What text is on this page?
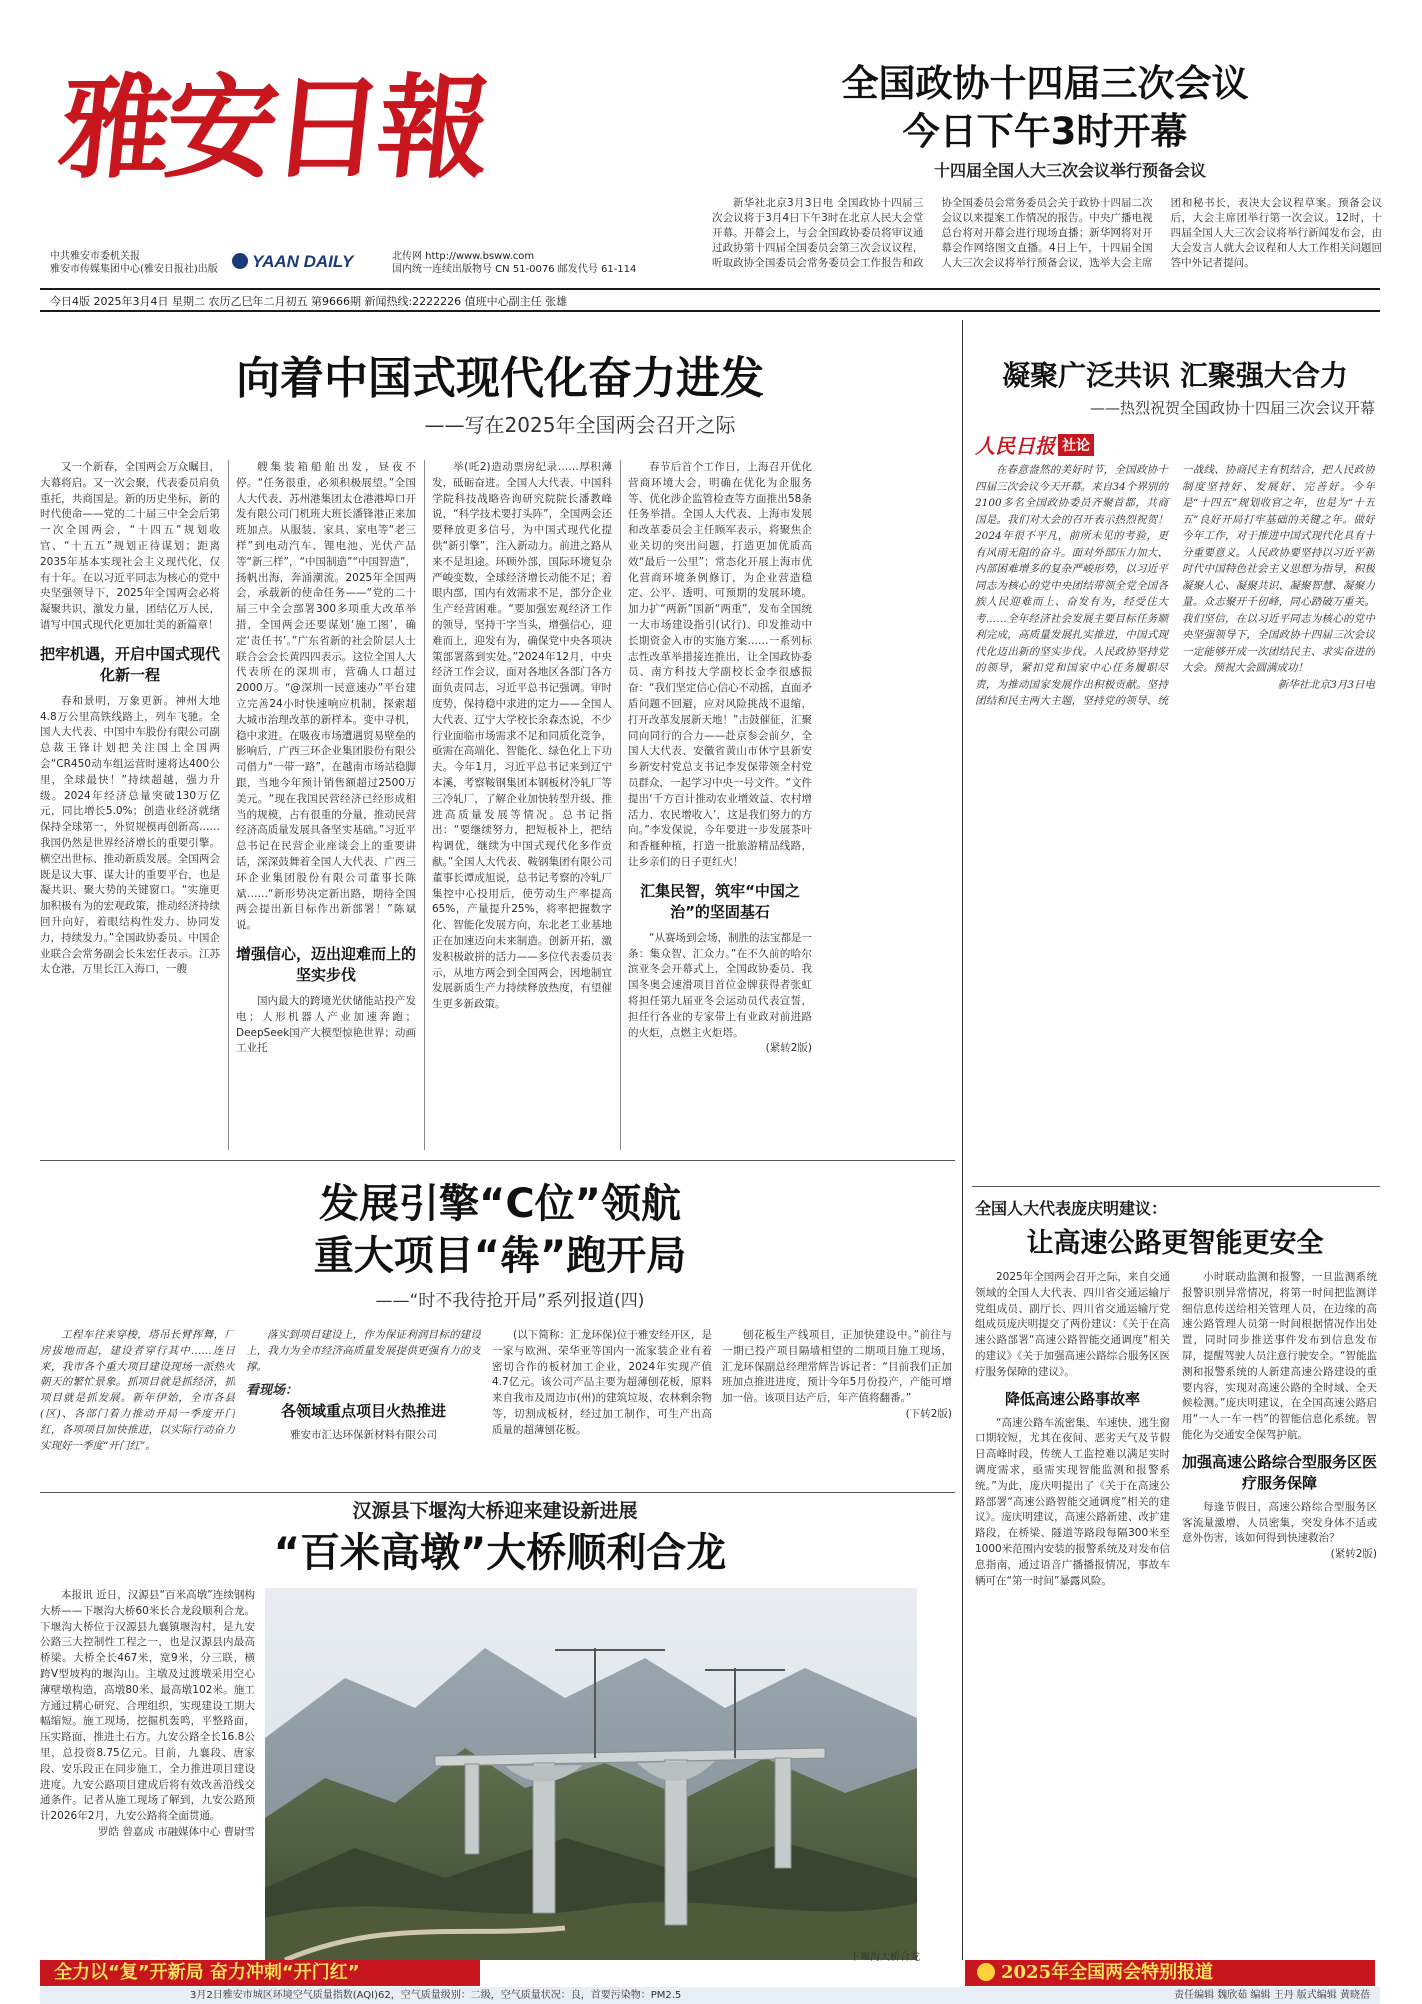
雅安日報
YAAN DAILY
中共雅安市委机关报
雅安市传媒集团中心(雅安日报社)出版
北传网 http://www.bsww.com
国内统一连续出版物号 CN 51-0076 邮发代号 61-114
今日4版 2025年3月4日 星期二 农历乙巳年二月初五 第9666期 新闻热线:2222226 值班中心副主任 张雄
全国政协十四届三次会议
今日下午3时开幕
十四届全国人大三次会议举行预备会议

新华社北京3月3日电 全国政协十四届三次会议将于3月4日下午3时在北京人民大会堂开幕。开幕会上，与会全国政协委员将审议通过政协第十四届全国委员会第三次会议议程，听取政协全国委员会常务委员会工作报告和政协全国委员会常务委员会关于政协十四届二次会议以来提案工作情况的报告。中央广播电视总台将对开幕会进行现场直播；新华网将对开幕会作网络图文直播。4日上午，十四届全国人大三次会议将举行预备会议，选举大会主席团和秘书长，表决大会议程草案。预备会议后，大会主席团举行第一次会议。12时，十四届全国人大三次会议将举行新闻发布会，由大会发言人就大会议程和人大工作相关问题回答中外记者提问。

向着中国式现代化奋力进发
——写在2025年全国两会召开之际

又一个新春，全国两会万众瞩目，大幕将启。又一次会聚，代表委员肩负重托，共商国是。新的历史坐标，新的时代使命——党的二十届三中全会后第一次全国两会，“十四五”规划收官、“十五五”规划正待谋划；距离2035年基本实现社会主义现代化，仅有十年。在以习近平同志为核心的党中央坚强领导下，2025年全国两会必将凝聚共识、激发力量，团结亿万人民，谱写中国式现代化更加壮美的新篇章！

把牢机遇，开启中国式现代化新一程

春和景明，万象更新。神州大地4.8万公里高铁线路上，列车飞驰。全国人大代表、中国中车股份有限公司副总裁王锋计划把关注国上全国两会“CR450动车组运营时速将达400公里，全球最快！”持续超越，强力升级。2024年经济总量突破130万亿元，同比增长5.0%；创造业经济就绪保持全球第一，外贸规模再创新高……我国仍然是世界经济增长的重要引擎。横空出世标、推动新质发展。全国两会既是议大事、谋大计的重要平台，也是凝共识、聚大势的关键窗口。“实施更加积极有为的宏观政策，推动经济持续回升向好，着眼结构性发力、协同发力，持续发力。”全国政协委员、中国企业联合会常务副会长朱宏任表示。江苏太仓港，万里长江入海口，一艘

艘集装箱船舶出发，昼夜不停。“任务很重，必须积极展望。”全国人大代表、苏州港集团太仓港港埠口开发有限公司门机班大班长潘锋港正来加班加点。从服装、家具、家电等“老三样”到电动汽车、锂电池、光伏产品等“新三样”，“中国制造”“中国智造”，扬帆出海，奔涌潮流。2025年全国两会，承载新的使命任务——“党的二十届三中全会部署300多项重大改革举措，全国两会还要谋划‘施工图’，确定‘责任书’。”广东省新的社会阶层人士联合会会长黄四四表示。这位全国人大代表所在的深圳市，营确人口超过2000万。“@深圳一民意速办”平台建立完善24小时快速响应机制，探索超大城市治理改革的新样本。变中寻机，稳中求进。在吸夜市场遭遇贸易壁垒的影响后，广西三环企业集团股份有限公司借力“一带一路”，在越南市场站稳脚跟，当地今年预计销售额超过2500万美元。“现在我国民营经济已经形成相当的规模，占有很重的分量，推动民营经济高质量发展具备坚实基础。”习近平总书记在民营企业座谈会上的重要讲话，深深鼓舞着全国人大代表、广西三环企业集团股份有限公司董事长陈斌……“新形势决定新出路，期待全国两会提出新目标作出新部署！”陈斌说。

增强信心，迈出迎难而上的坚实步伐

国内最大的跨境光伏储能站投产发电；人形机器人产业加速奔跑；DeepSeek国产大模型惊艳世界；动画工业托

举(吒2)造动票房纪录……厚积薄发，砥砺奋进。全国人大代表、中国科学院科技战略咨询研究院院长潘教峰说，“科学技术要打头阵”，全国两会还要释放更多信号，为中国式现代化提供“新引擎”，注入新动力。前进之路从来不是坦途。环顾外部，国际环境复杂严峻变数，全球经济增长动能不足；着眼内部，国内有效需求不足，部分企业生产经营困难。“要加强宏观经济工作的领导，坚持干字当头，增强信心，迎难而上，迎发有为，确保党中央各项决策部署落到实处。”2024年12月，中央经济工作会议，面对各地区各部门各方面负责同志，习近平总书记强调。审时度势，保持稳中求进的定力——全国人大代表、辽宁大学校长余森杰说，不少行业面临市场需求不足和同质化竞争，亟需在高端化、智能化、绿色化上下功夫。今年1月，习近平总书记来到辽宁本溪，考察鞍钢集团本钢板材冷轧厂等三冷轧厂，了解企业加快转型升级、推进高质量发展等情况。总书记指出：“要继续努力，把短板补上，把结构调优，继续为中国式现代化多作贡献。”全国人大代表、鞍钢集团有限公司董事长谭成旭说，总书记考察的冷轧厂集控中心投用后，使劳动生产率提高65%，产量提升25%，将率把握数字化、智能化发展方向，东北老工业基地正在加速迈向未来制造。创新开拓，激发积极敢拼的活力——多位代表委员表示，从地方两会到全国两会，因地制宜发展新质生产力持续释放热度，有望催生更多新政策。

春节后首个工作日，上海召开优化营商环境大会，明确在优化为企服务等、优化涉企监管检查等方面推出58条任务举措。全国人大代表、上海市发展和改革委员会主任顾军表示，将聚焦企业关切的突出问题，打造更加优质高效“最后一公里”；常态化开展上海市优化营商环境条例修订，为企业营造稳定、公平、透明、可预期的发展环境。加力扩“两新”国新“两重”，发布全国统一大市场建设指引(试行)、印发推动中长期资金入市的实施方案……一系列标志性改革举措接连推出，让全国政协委员、南方科技大学副校长金李很感振奋：“我们坚定信心信心不动摇，直面矛盾问题不回避，应对风险挑战不退缩，打开改革发展新天地！”击鼓催征，汇聚同向同行的合力——赴京参会前夕，全国人大代表、安徽省黄山市休宁县新安乡新安村党总支书记李发保带领全村党员群众，一起学习中央一号文件。“文件提出‘千方百计推动农业增效益、农村增活力、农民增收入’，这是我们努力的方向。”李发保说，今年要进一步发展茶叶和香榧种植，打造一批旅游精品线路，让乡亲们的日子更红火！

汇集民智，筑牢“中国之治”的坚固基石

“从赛场到会场，制胜的法宝都是一条：集众智、汇众力。”在不久前的哈尔滨亚冬会开幕式上，全国政协委员、我国冬奥会速滑项目首位金牌获得者张虹将担任第九届亚冬会运动员代表宣誓，担任行各业的专家带上有业政对前进路的火炬，点燃主火炬塔。

(紧转2版)
凝聚广泛共识 汇聚强大合力
——热烈祝贺全国政协十四届三次会议开幕
人民日报 社论

在春意盎然的美好时节，全国政协十四届三次会议今天开幕。来自34个界别的2100多名全国政协委员齐聚首都，共商国是。我们对大会的召开表示热烈祝贺！2024年很不平凡，前所未见的考验，更有风雨无阻的奋斗。面对外部压力加大、内部困难增多的复杂严峻形势，以习近平同志为核心的党中央团结带领全党全国各族人民迎难而上、奋发有为，经受住大考……全年经济社会发展主要目标任务顺利完成，高质量发展扎实推进，中国式现代化迈出新的坚实步伐。人民政协坚持党的领导，紧扣党和国家中心任务履职尽责，为推动国家发展作出积极贡献。坚持团结和民主两大主题，坚持党的领导、统一战线、协商民主有机结合，把人民政协制度坚持好、发展好、完善好。今年是“十四五”规划收官之年，也是为“十五五”良好开局打牢基础的关键之年。做好今年工作，对于推进中国式现代化具有十分重要意义。人民政协要坚持以习近平新时代中国特色社会主义思想为指导，积极凝聚人心、凝聚共识、凝聚智慧、凝聚力量。众志聚开千仞峰，同心踏破万重关。我们坚信，在以习近平同志为核心的党中央坚强领导下，全国政协十四届三次会议一定能够开成一次团结民主、求实奋进的大会。预祝大会圆满成功！

新华社北京3月3日电
全国人大代表庞庆明建议：
让高速公路更智能更安全

2025年全国两会召开之际，来自交通领域的全国人大代表、四川省交通运输厅党组成员、副厅长、四川省交通运输厅党组成员庞庆明提交了两份建议：《关于在高速公路部署“高速公路智能交通调度”相关的建议》《关于加强高速公路综合服务区医疗服务保障的建议》。

降低高速公路事故率

“高速公路车流密集、车速快、逃生窗口期较短，尤其在夜间、恶劣天气及节假日高峰时段，传统人工监控难以满足实时调度需求，亟需实现智能监测和报警系统。”为此，庞庆明提出了《关于在高速公路部署“高速公路智能交通调度”相关的建议》。庞庆明建议，高速公路新建、改扩建路段，在桥梁、隧道等路段每隔300米至1000米范围内安装的报警系统及对发布信息指南，通过语音广播播报情况，事故车辆可在“第一时间”暴露风险。

小时联动监测和报警，一旦监测系统报警识别异常情况，将第一时间把监测详细信息传送给相关管理人员，在边缘的高速公路管理人员第一时间根据情况作出处置，同时同步推送事件发布到信息发布屏，提醒驾驶人员注意行驶安全。“智能监测和报警系统的人新建高速公路建设的重要内容，实现对高速公路的全时域、全天候检测。”庞庆明建议，在全国高速公路启用“一人一车一档”的智能信息化系统。智能化为交通安全保驾护航。

加强高速公路综合型服务区医疗服务保障

每逢节假日，高速公路综合型服务区客流量激增，人员密集，突发身体不适或意外伤害，该如何得到快速救治？

(紧转2版)
发展引擎“C位”领航
重大项目“犇”跑开局
——“时不我待抢开局”系列报道(四)

工程车往来穿梭，塔吊长臂挥舞，厂房拔地而起，建设者穿行其中……连日来，我市各个重大项目建设现场一派热火朝天的繁忙景象。抓项目就是抓经济，抓项目就是抓发展。新年伊始，全市各县(区)、各部门着力推动开局一季度开门红，各项项目加快推进，以实际行动奋力实现好一季度“开门红”。

落实到项目建设上，作为保证利润目标的建设上，我力为全市经济高质量发展提供更强有力的支撑。

看现场：
各领域重点项目火热推进
雅安市汇达环保新材料有限公司

(以下简称：汇龙环保)位于雅安经开区，是一家与欧洲、荣华亚等国内一流家装企业有着密切合作的板材加工企业，2024年实现产值4.7亿元。该公司产品主要为超薄刨花板，原料来自我市及周边市(州)的建筑垃圾、农林剩余物等，切割成板材，经过加工制作，可生产出高质量的超薄刨花板。

刨花板生产线项目，正加快建设中。”前往与一期已投产项目隔墙相望的二期项目施工现场，汇龙环保副总经理常辉告诉记者：“目前我们正加班加点推进进度，预计今年5月份投产，产能可增加一倍。该项目达产后，年产值将翻番。”

(下转2版)
汉源县下堰沟大桥迎来建设新进展
“百米高墩”大桥顺利合龙

本报讯 近日，汉源县“百米高墩”连续钢构大桥——下堰沟大桥60米长合龙段顺利合龙。下堰沟大桥位于汉源县九襄镇堰沟村，是九安公路三大控制性工程之一，也是汉源县内最高桥梁。大桥全长467米，宽9米，分三联，横跨V型坡构的堰沟山。主墩及过渡墩采用空心薄壁墩构造，高墩80米、最高墩102米。施工方通过精心研究、合理组织，实现建设工期大幅缩短。施工现场，挖掘机轰鸣，平整路面，压实路面，推进土石方。九安公路全长16.8公里，总投资8.75亿元。目前，九襄段、唐家段、安乐段正在同步施工，全力推进项目建设进度。九安公路项目建成后将有效改善沿线交通条件。记者从施工现场了解到，九安公路预计2026年2月，九安公路将全面贯通。

罗皓 曾嘉成 市融媒体中心 曹尉雪
下堰沟大桥合龙
全力以“复”开新局 奋力冲刺“开门红”	2025年全国两会特别报道
3月2日雅安市城区环境空气质量指数(AQI)62，空气质量级别：二级，空气质量状况：良，首要污染物：PM2.5	责任编辑 魏欣茹 编辑 王丹 版式编辑 黄晓蓓
